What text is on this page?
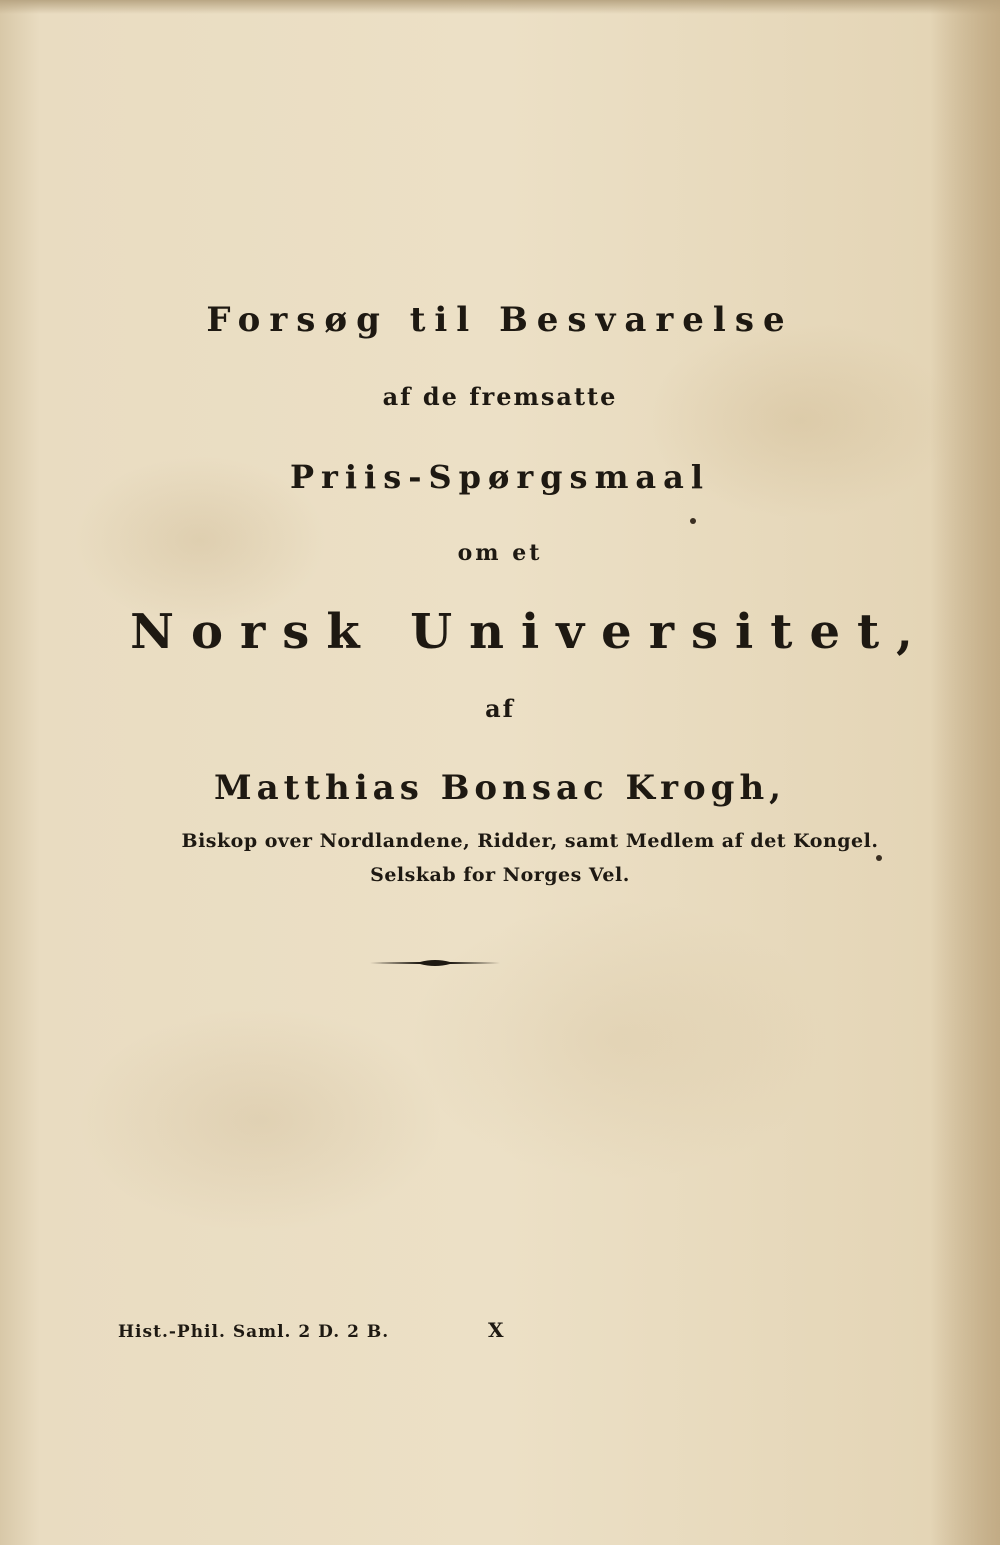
Forsøg til Besvarelse
af de fremsatte
Priis-Spørgsmaal
om et
Norsk Universitet,
af
Matthias Bonsac Krogh,
Biskop over Nordlandene, Ridder, samt Medlem af det Kongel.
Selskab for Norges Vel.
Hist.-Phil. Saml. 2 D. 2 B.	X
